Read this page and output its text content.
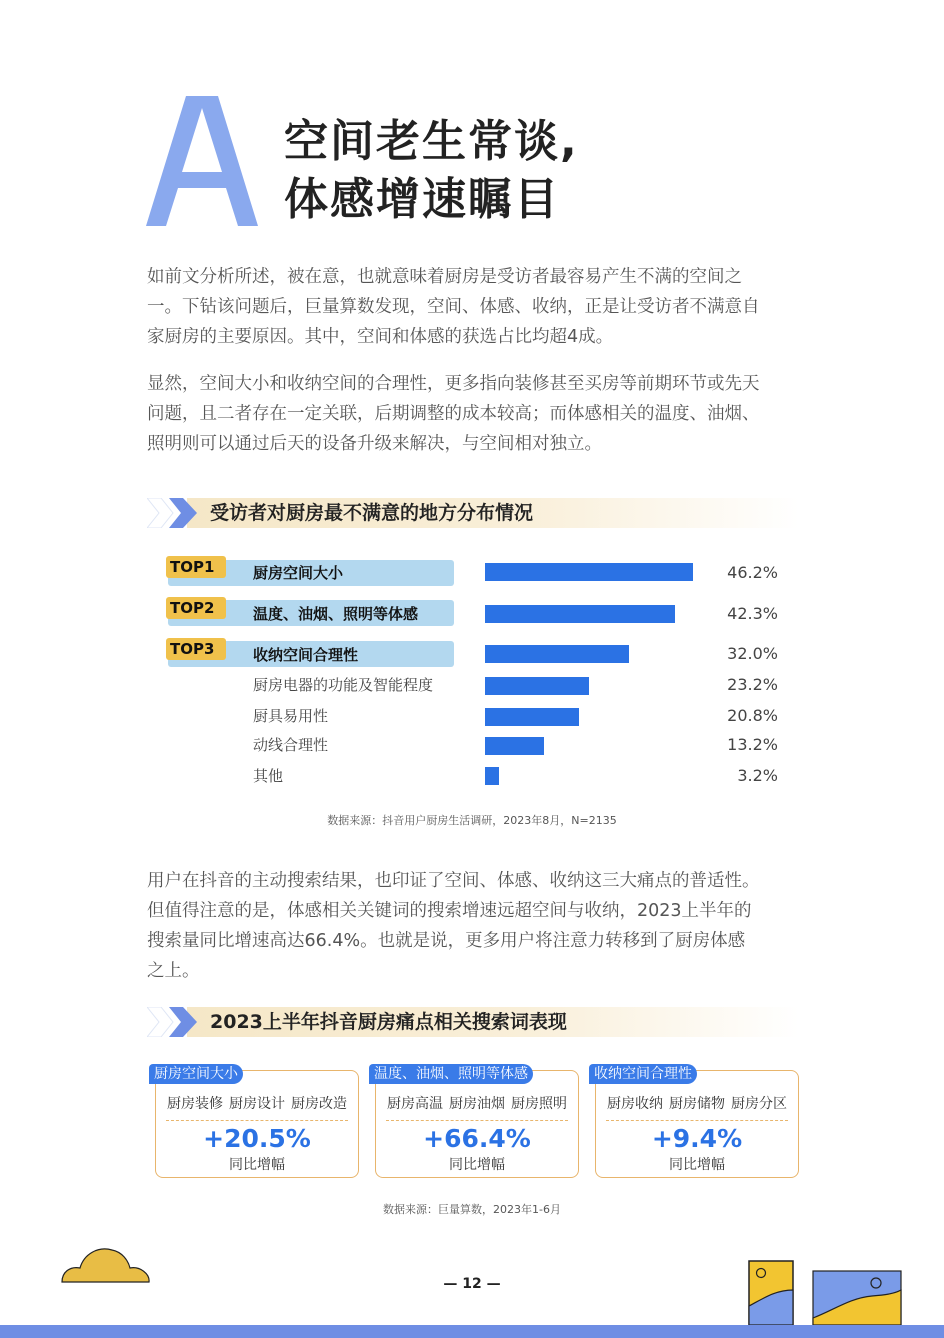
A
空间老生常谈,
体感增速瞩目
如前文分析所述，被在意，也就意味着厨房是受访者最容易产生不满的空间之
一。下钻该问题后，巨量算数发现，空间、体感、收纳，正是让受访者不满意自
家厨房的主要原因。其中，空间和体感的获选占比均超4成。
显然，空间大小和收纳空间的合理性，更多指向装修甚至买房等前期环节或先天
问题，且二者存在一定关联，后期调整的成本较高；而体感相关的温度、油烟、
照明则可以通过后天的设备升级来解决，与空间相对独立。
受访者对厨房最不满意的地方分布情况
TOP1
TOP2
TOP3
厨房空间大小
温度、油烟、照明等体感
收纳空间合理性
厨房电器的功能及智能程度
厨具易用性
动线合理性
其他
46.2%
42.3%
32.0%
23.2%
20.8%
13.2%
3.2%
数据来源：抖音用户厨房生活调研，2023年8月，N=2135
用户在抖音的主动搜索结果，也印证了空间、体感、收纳这三大痛点的普适性。
但值得注意的是，体感相关关键词的搜索增速远超空间与收纳，2023上半年的
搜索量同比增速高达66.4%。也就是说，更多用户将注意力转移到了厨房体感
之上。
2023上半年抖音厨房痛点相关搜索词表现
厨房装修 厨房设计 厨房改造
+20.5%
同比增幅
厨房空间大小
厨房高温 厨房油烟 厨房照明
+66.4%
同比增幅
温度、油烟、照明等体感
厨房收纳 厨房储物 厨房分区
+9.4%
同比增幅
收纳空间合理性
数据来源：巨量算数，2023年1-6月
— 12 —
